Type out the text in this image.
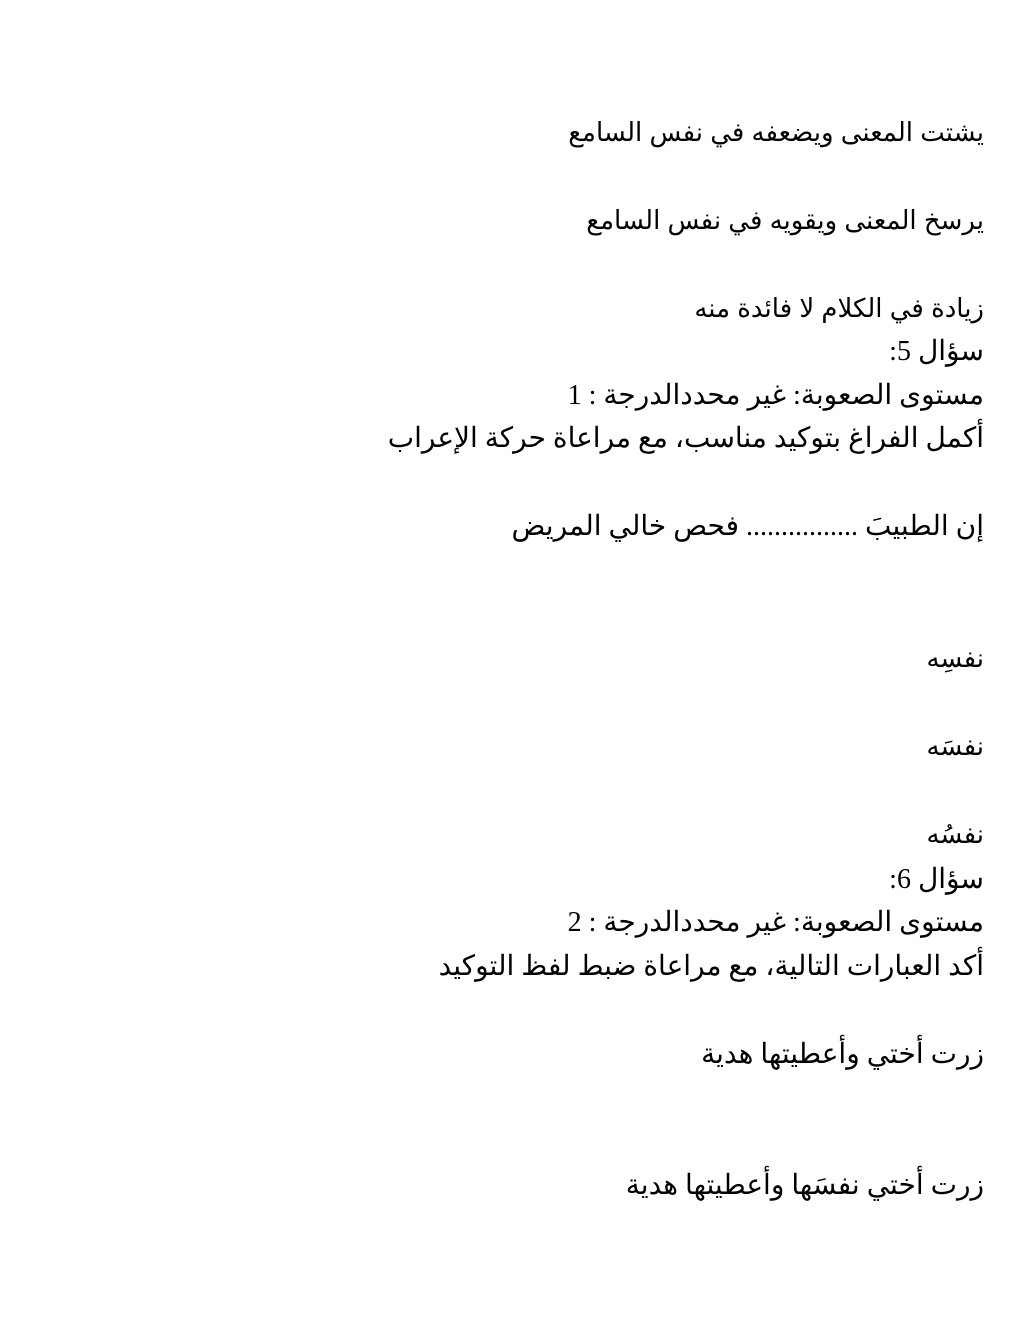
يشتت المعنى ويضعفه في نفس السامع
يرسخ المعنى ويقويه في نفس السامع
زيادة في الكلام لا فائدة منه
سؤال 5:
مستوى الصعوبة: غير محددالدرجة : 1
أكمل الفراغ بتوكيد مناسب، مع مراعاة حركة الإعراب
إن الطبيبَ ................ فحص خالي المريض
نفسِه
نفسَه
نفسُه
سؤال 6:
مستوى الصعوبة: غير محددالدرجة : 2
أكد العبارات التالية، مع مراعاة ضبط لفظ التوكيد
زرت أختي وأعطيتها هدية
زرت أختي نفسَها وأعطيتها هدية
